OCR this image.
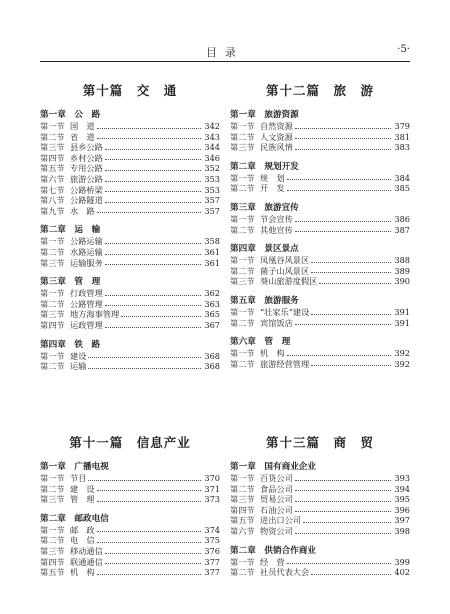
目录	·5·
第十篇　交　通
第一章　公　路
第一节 国　道	342
第二节 省　道	343
第三节 县乡公路	344
第四节 乡村公路	346
第五节 专用公路	352
第六节 旅游公路	353
第七节 公路桥梁	353
第八节 公路隧道	357
第九节 水　路	357
第二章　运　输
第一节 公路运输	358
第二节 水路运输	361
第三节 运输服务	361
第三章　管　理
第一节 行政管理	362
第二节 公路管理	363
第三节 地方海事管理	365
第四节 运政管理	367
第四章　铁　路
第一节 建设	368
第二节 运输	368
第十一篇　信息产业
第一章　广播电视
第一节 节目	370
第二节 建　设	371
第三节 管　理	373
第二章　邮政电信
第一节 邮　政	374
第二节 电　信	375
第三节 移动通信	376
第四节 联通通信	377
第五节 机　构	377
第十二篇　旅　游
第一章　旅游资源
第一节 自然资源	379
第二节 人文资源	381
第三节 民族风情	383
第二章　规划开发
第一节 规　划	384
第二节 开　发	385
第三章　旅游宣传
第一节 节会宣传	386
第二节 其他宣传	387
第四章　景区景点
第一节 凤凰谷风景区	388
第二节 菌子山风景区	389
第三节 葵山旅游度假区	390
第五章　旅游服务
第一节 “壮家乐”建设	391
第二节 宾馆饭店	391
第六章　管　理
第一节 机　构	392
第二节 旅游经营管理	392
第十三篇　商　贸
第一章　国有商业企业
第一节 百货公司	393
第二节 食品公司	394
第三节 贸易公司	395
第四节 石油公司	396
第五节 进出口公司	397
第六节 物资公司	398
第二章　供销合作商业
第一节 经　营	399
第二节 社员代表大会	402
